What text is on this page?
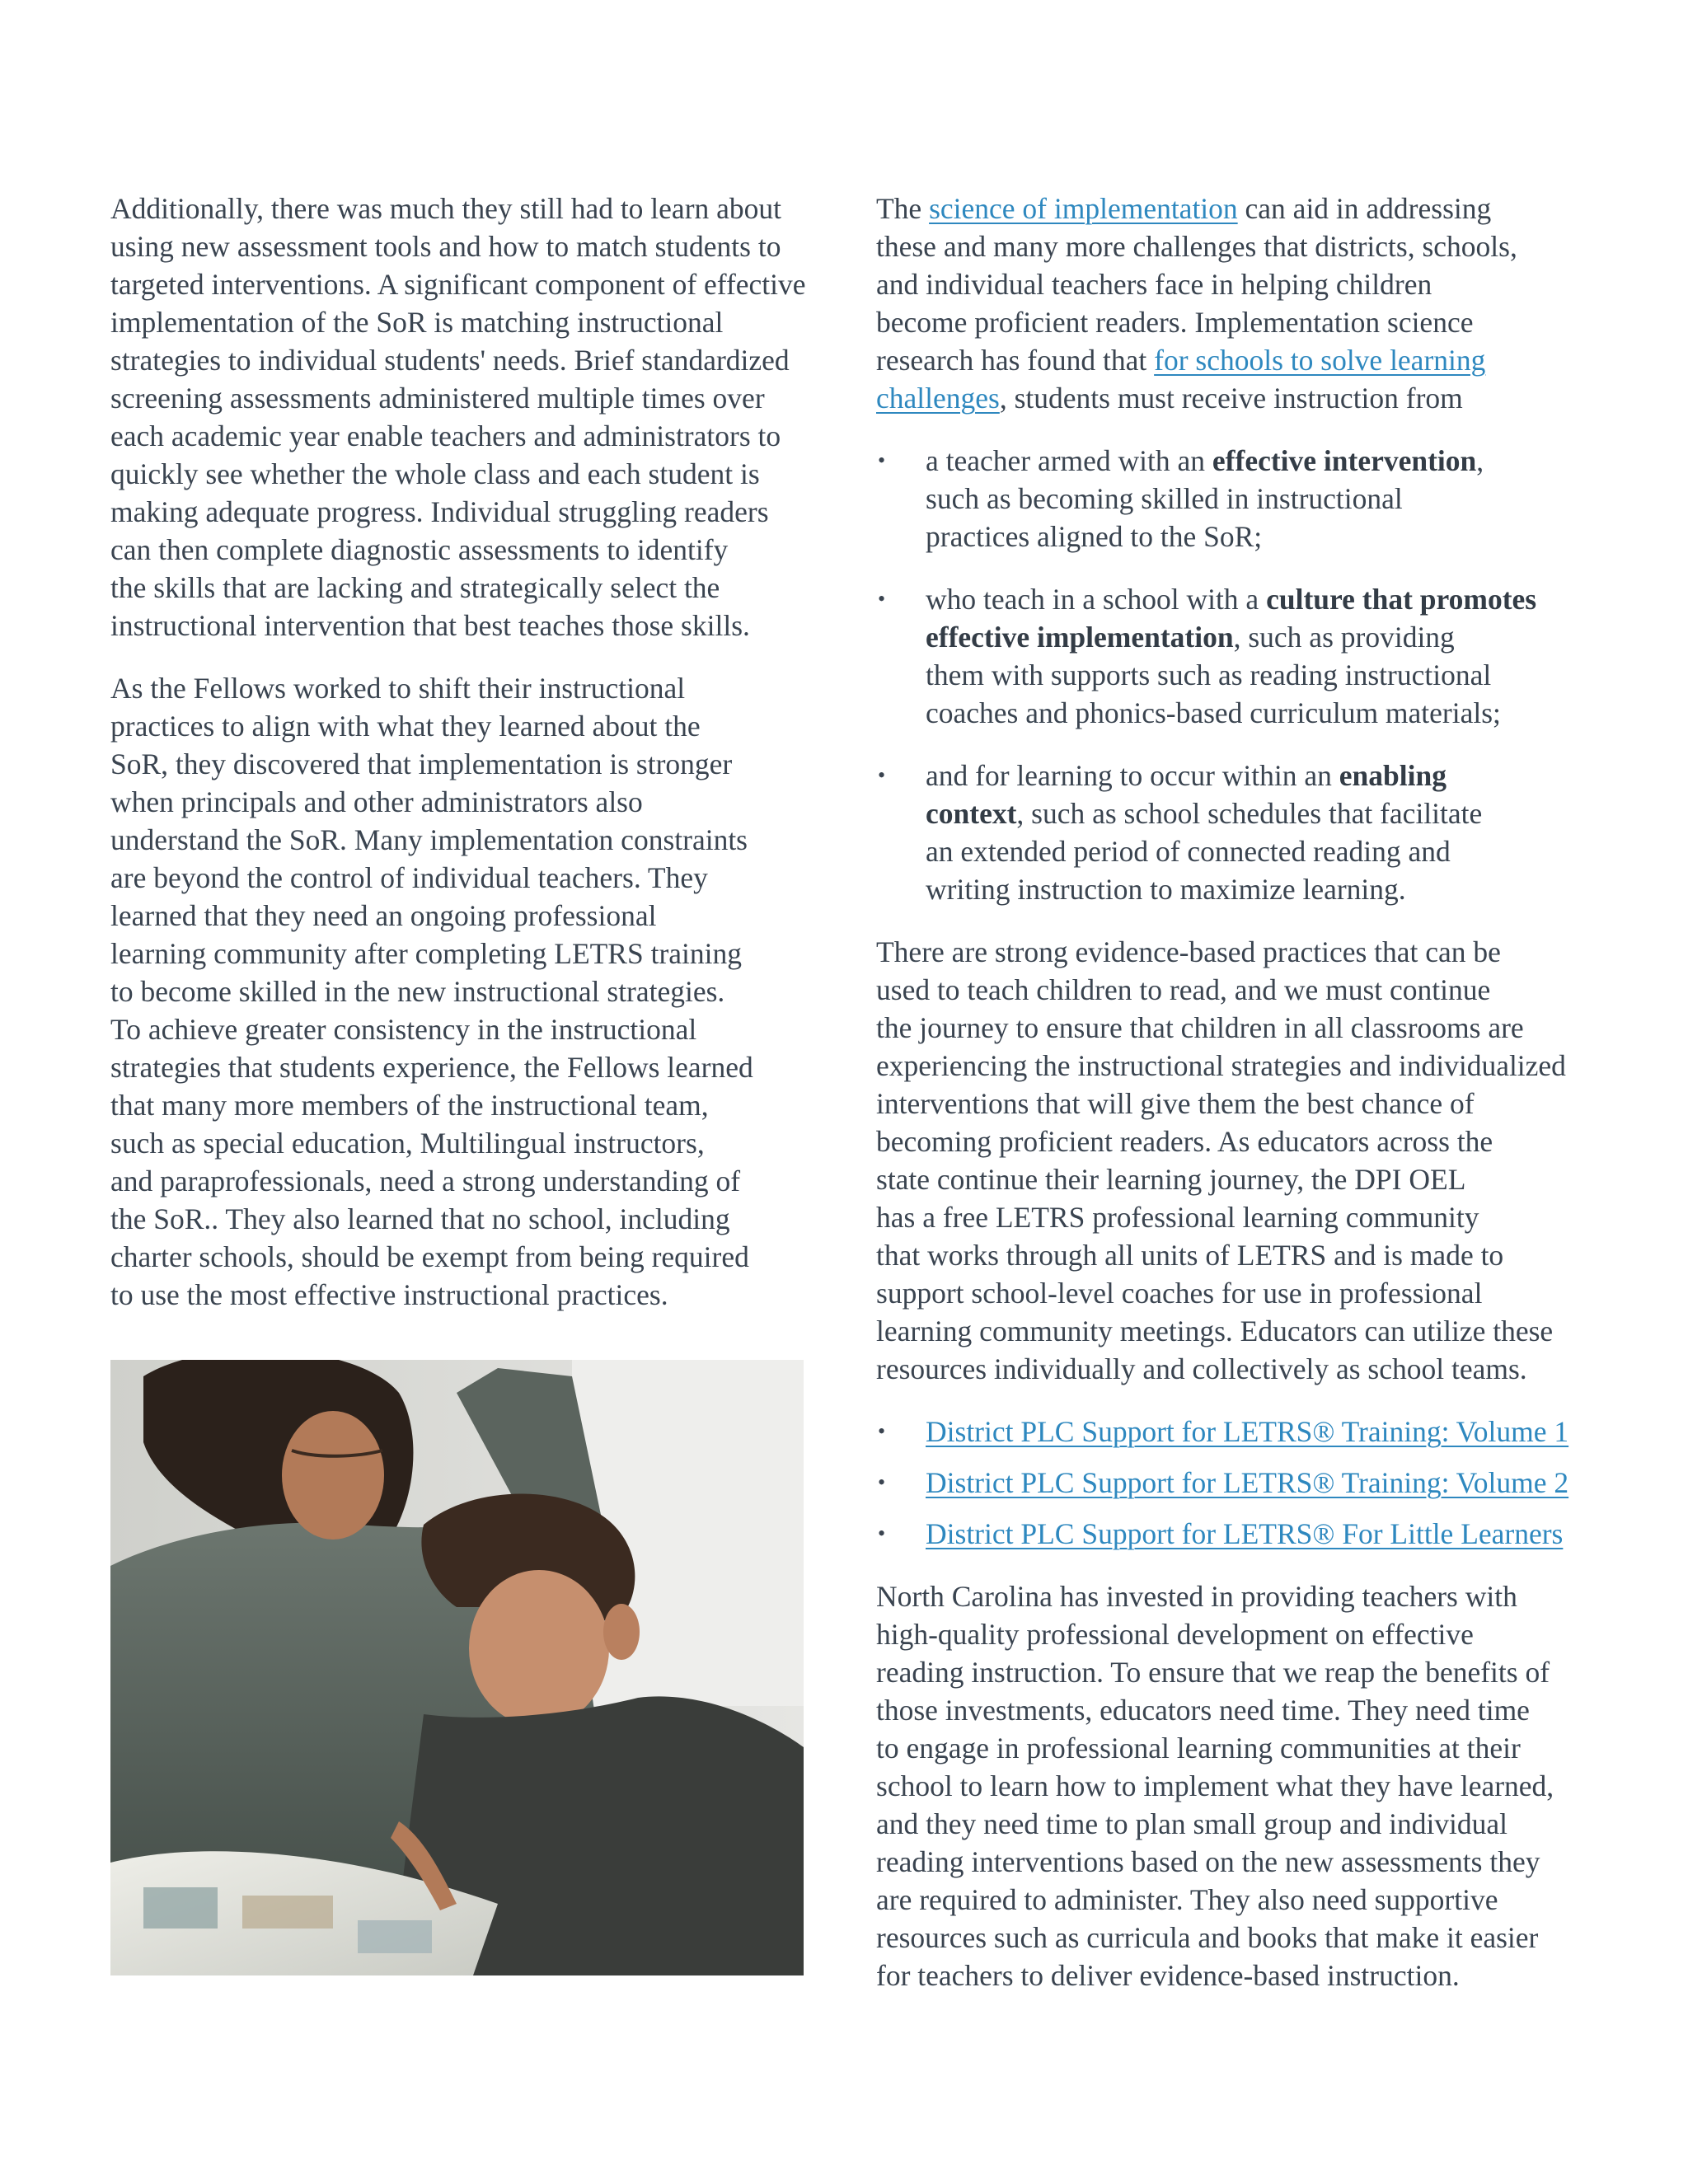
Additionally, there was much they still had to learn about
using new assessment tools and how to match students to
targeted interventions. A significant component of effective
implementation of the SoR is matching instructional
strategies to individual students' needs. Brief standardized
screening assessments administered multiple times over
each academic year enable teachers and administrators to
quickly see whether the whole class and each student is
making adequate progress. Individual struggling readers
can then complete diagnostic assessments to identify
the skills that are lacking and strategically select the
instructional intervention that best teaches those skills.

As the Fellows worked to shift their instructional
practices to align with what they learned about the
SoR, they discovered that implementation is stronger
when principals and other administrators also
understand the SoR. Many implementation constraints
are beyond the control of individual teachers. They
learned that they need an ongoing professional
learning community after completing LETRS training
to become skilled in the new instructional strategies.
To achieve greater consistency in the instructional
strategies that students experience, the Fellows learned
that many more members of the instructional team,
such as special education, Multilingual instructors,
and paraprofessionals, need a strong understanding of
the SoR.. They also learned that no school, including
charter schools, should be exempt from being required
to use the most effective instructional practices.

The science of implementation can aid in addressing
these and many more challenges that districts, schools,
and individual teachers face in helping children
become proficient readers. Implementation science
research has found that for schools to solve learning
challenges, students must receive instruction from

• a teacher armed with an effective intervention,
such as becoming skilled in instructional
practices aligned to the SoR;
• who teach in a school with a culture that promotes
effective implementation, such as providing
them with supports such as reading instructional
coaches and phonics-based curriculum materials;
• and for learning to occur within an enabling
context, such as school schedules that facilitate
an extended period of connected reading and
writing instruction to maximize learning.

There are strong evidence-based practices that can be
used to teach children to read, and we must continue
the journey to ensure that children in all classrooms are
experiencing the instructional strategies and individualized
interventions that will give them the best chance of
becoming proficient readers. As educators across the
state continue their learning journey, the DPI OEL
has a free LETRS professional learning community
that works through all units of LETRS and is made to
support school-level coaches for use in professional
learning community meetings. Educators can utilize these
resources individually and collectively as school teams.

• District PLC Support for LETRS® Training: Volume 1
• District PLC Support for LETRS® Training: Volume 2
• District PLC Support for LETRS® For Little Learners

North Carolina has invested in providing teachers with
high-quality professional development on effective
reading instruction. To ensure that we reap the benefits of
those investments, educators need time. They need time
to engage in professional learning communities at their
school to learn how to implement what they have learned,
and they need time to plan small group and individual
reading interventions based on the new assessments they
are required to administer. They also need supportive
resources such as curricula and books that make it easier
for teachers to deliver evidence-based instruction.
